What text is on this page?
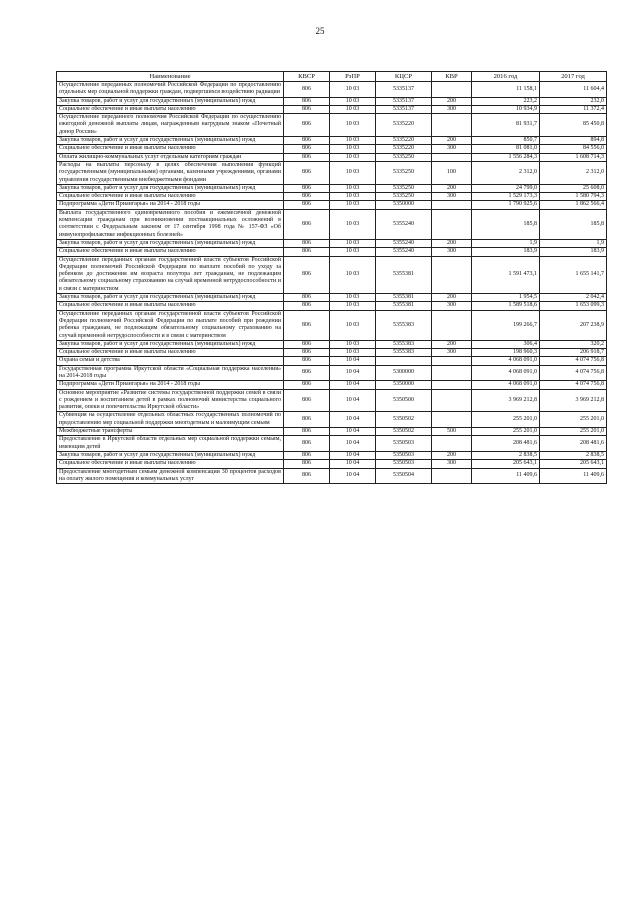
25
Наименование	КВСР	РзПР	КЦСР	КВР	2016 год	2017 год
Осуществление переданных полномочий Российской Федерации по предоставлению отдельных мер социальной поддержки граждан, подвергшихся воздействию радиации	806	10 03	5335137		11 158,1	11 604,4
Закупка товаров, работ и услуг для государственных (муниципальных) нужд	806	10 03	5335137	200	223,2	232,0
Социальное обеспечение и иные выплаты населению	806	10 03	5335137	300	10 934,9	11 372,4
Осуществление переданного полномочия Российской Федерации по осуществлению ежегодной денежной выплаты лицам, награжденным нагрудным знаком «Почетный донор России»	806	10 03	5335220		81 931,7	85 450,8
Закупка товаров, работ и услуг для государственных (муниципальных) нужд	806	10 03	5335220	200	850,7	894,8
Социальное обеспечение и иные выплаты населению	806	10 03	5335220	300	81 081,0	84 556,0
Оплата жилищно-коммунальных услуг отдельным категориям граждан	806	10 03	5335250		1 556 284,3	1 608 714,3
Расходы на выплаты персоналу в целях обеспечения выполнения функций государственными (муниципальными) органами, казенными учреждениями, органами управления государственными внебюджетными фондами	806	10 03	5335250	100	2 312,0	2 312,0
Закупка товаров, работ и услуг для государственных (муниципальных) нужд	806	10 03	5335250	200	24 799,0	25 608,0
Социальное обеспечение и иные выплаты населению	806	10 03	5335250	300	1 529 173,3	1 580 794,3
Подпрограмма «Дети Приангарья» на 2014 - 2018 годы	806	10 03	5350000		1 790 925,6	1 862 566,4
Выплата государственного единовременного пособия и ежемесячной денежной компенсации гражданам при возникновении поствакцинальных осложнений в соответствии с Федеральным законом от 17 сентября 1998 года № 157-ФЗ «Об иммунопрофилактике инфекционных болезней»	806	10 03	5355240		185,8	185,8
Закупка товаров, работ и услуг для государственных (муниципальных) нужд	806	10 03	5355240	200	1,9	1,9
Социальное обеспечение и иные выплаты населению	806	10 03	5355240	300	183,9	183,9
Осуществление переданных органам государственной власти субъектов Российской Федерации полномочий Российской Федерации по выплате пособий по уходу за ребенком до достижения им возраста полутора лет гражданам, не подлежащим обязательному социальному страхованию на случай временной нетрудоспособности и в связи с материнством	806	10 03	5355381		1 591 473,1	1 655 141,7
Закупка товаров, работ и услуг для государственных (муниципальных) нужд	806	10 03	5355381	200	1 954,5	2 042,4
Социальное обеспечение и иные выплаты населению	806	10 03	5355381	300	1 589 518,6	1 653 099,3
Осуществление переданных органам государственной власти субъектов Российской Федерации полномочий Российской Федерации по выплате пособий при рождении ребенка гражданам, не подлежащим обязательному социальному страхованию на случай временной нетрудоспособности и в связи с материнством	806	10 03	5355383		199 266,7	207 238,9
Закупка товаров, работ и услуг для государственных (муниципальных) нужд	806	10 03	5355383	200	306,4	320,2
Социальное обеспечение и иные выплаты населению	806	10 03	5355383	300	198 960,3	206 918,7
Охрана семьи и детства	806	10 04			4 068 091,0	4 074 756,8
Государственная программа Иркутской области «Социальная поддержка населения» на 2014-2018 годы	806	10 04	5300000		4 068 091,0	4 074 756,8
Подпрограмма «Дети Приангарья» на 2014 - 2018 годы	806	10 04	5350000		4 068 091,0	4 074 756,8
Основное мероприятие «Развитие системы государственной поддержки семей в связи с рождением и воспитанием детей в рамках полномочий министерства социального развития, опеки и попечительства Иркутской области»	806	10 04	5350500		3 969 212,8	3 969 212,8
Субвенция на осуществление отдельных областных государственных полномочий по предоставлению мер социальной поддержки многодетным и малоимущим семьям	806	10 04	5350502		255 201,0	255 201,0
Межбюджетные трансферты	806	10 04	5350502	500	255 201,0	255 201,0
Предоставление в Иркутской области отдельных мер социальной поддержки семьям, имеющим детей	806	10 04	5350503		208 481,6	208 481,6
Закупка товаров, работ и услуг для государственных (муниципальных) нужд	806	10 04	5350503	200	2 838,5	2 838,5
Социальное обеспечение и иные выплаты населению	806	10 04	5350503	300	205 643,1	205 643,1
Предоставление многодетным семьям денежной компенсации 30 процентов расходов на оплату жилого помещения и коммунальных услуг	806	10 04	5350504		11 409,6	11 409,6
